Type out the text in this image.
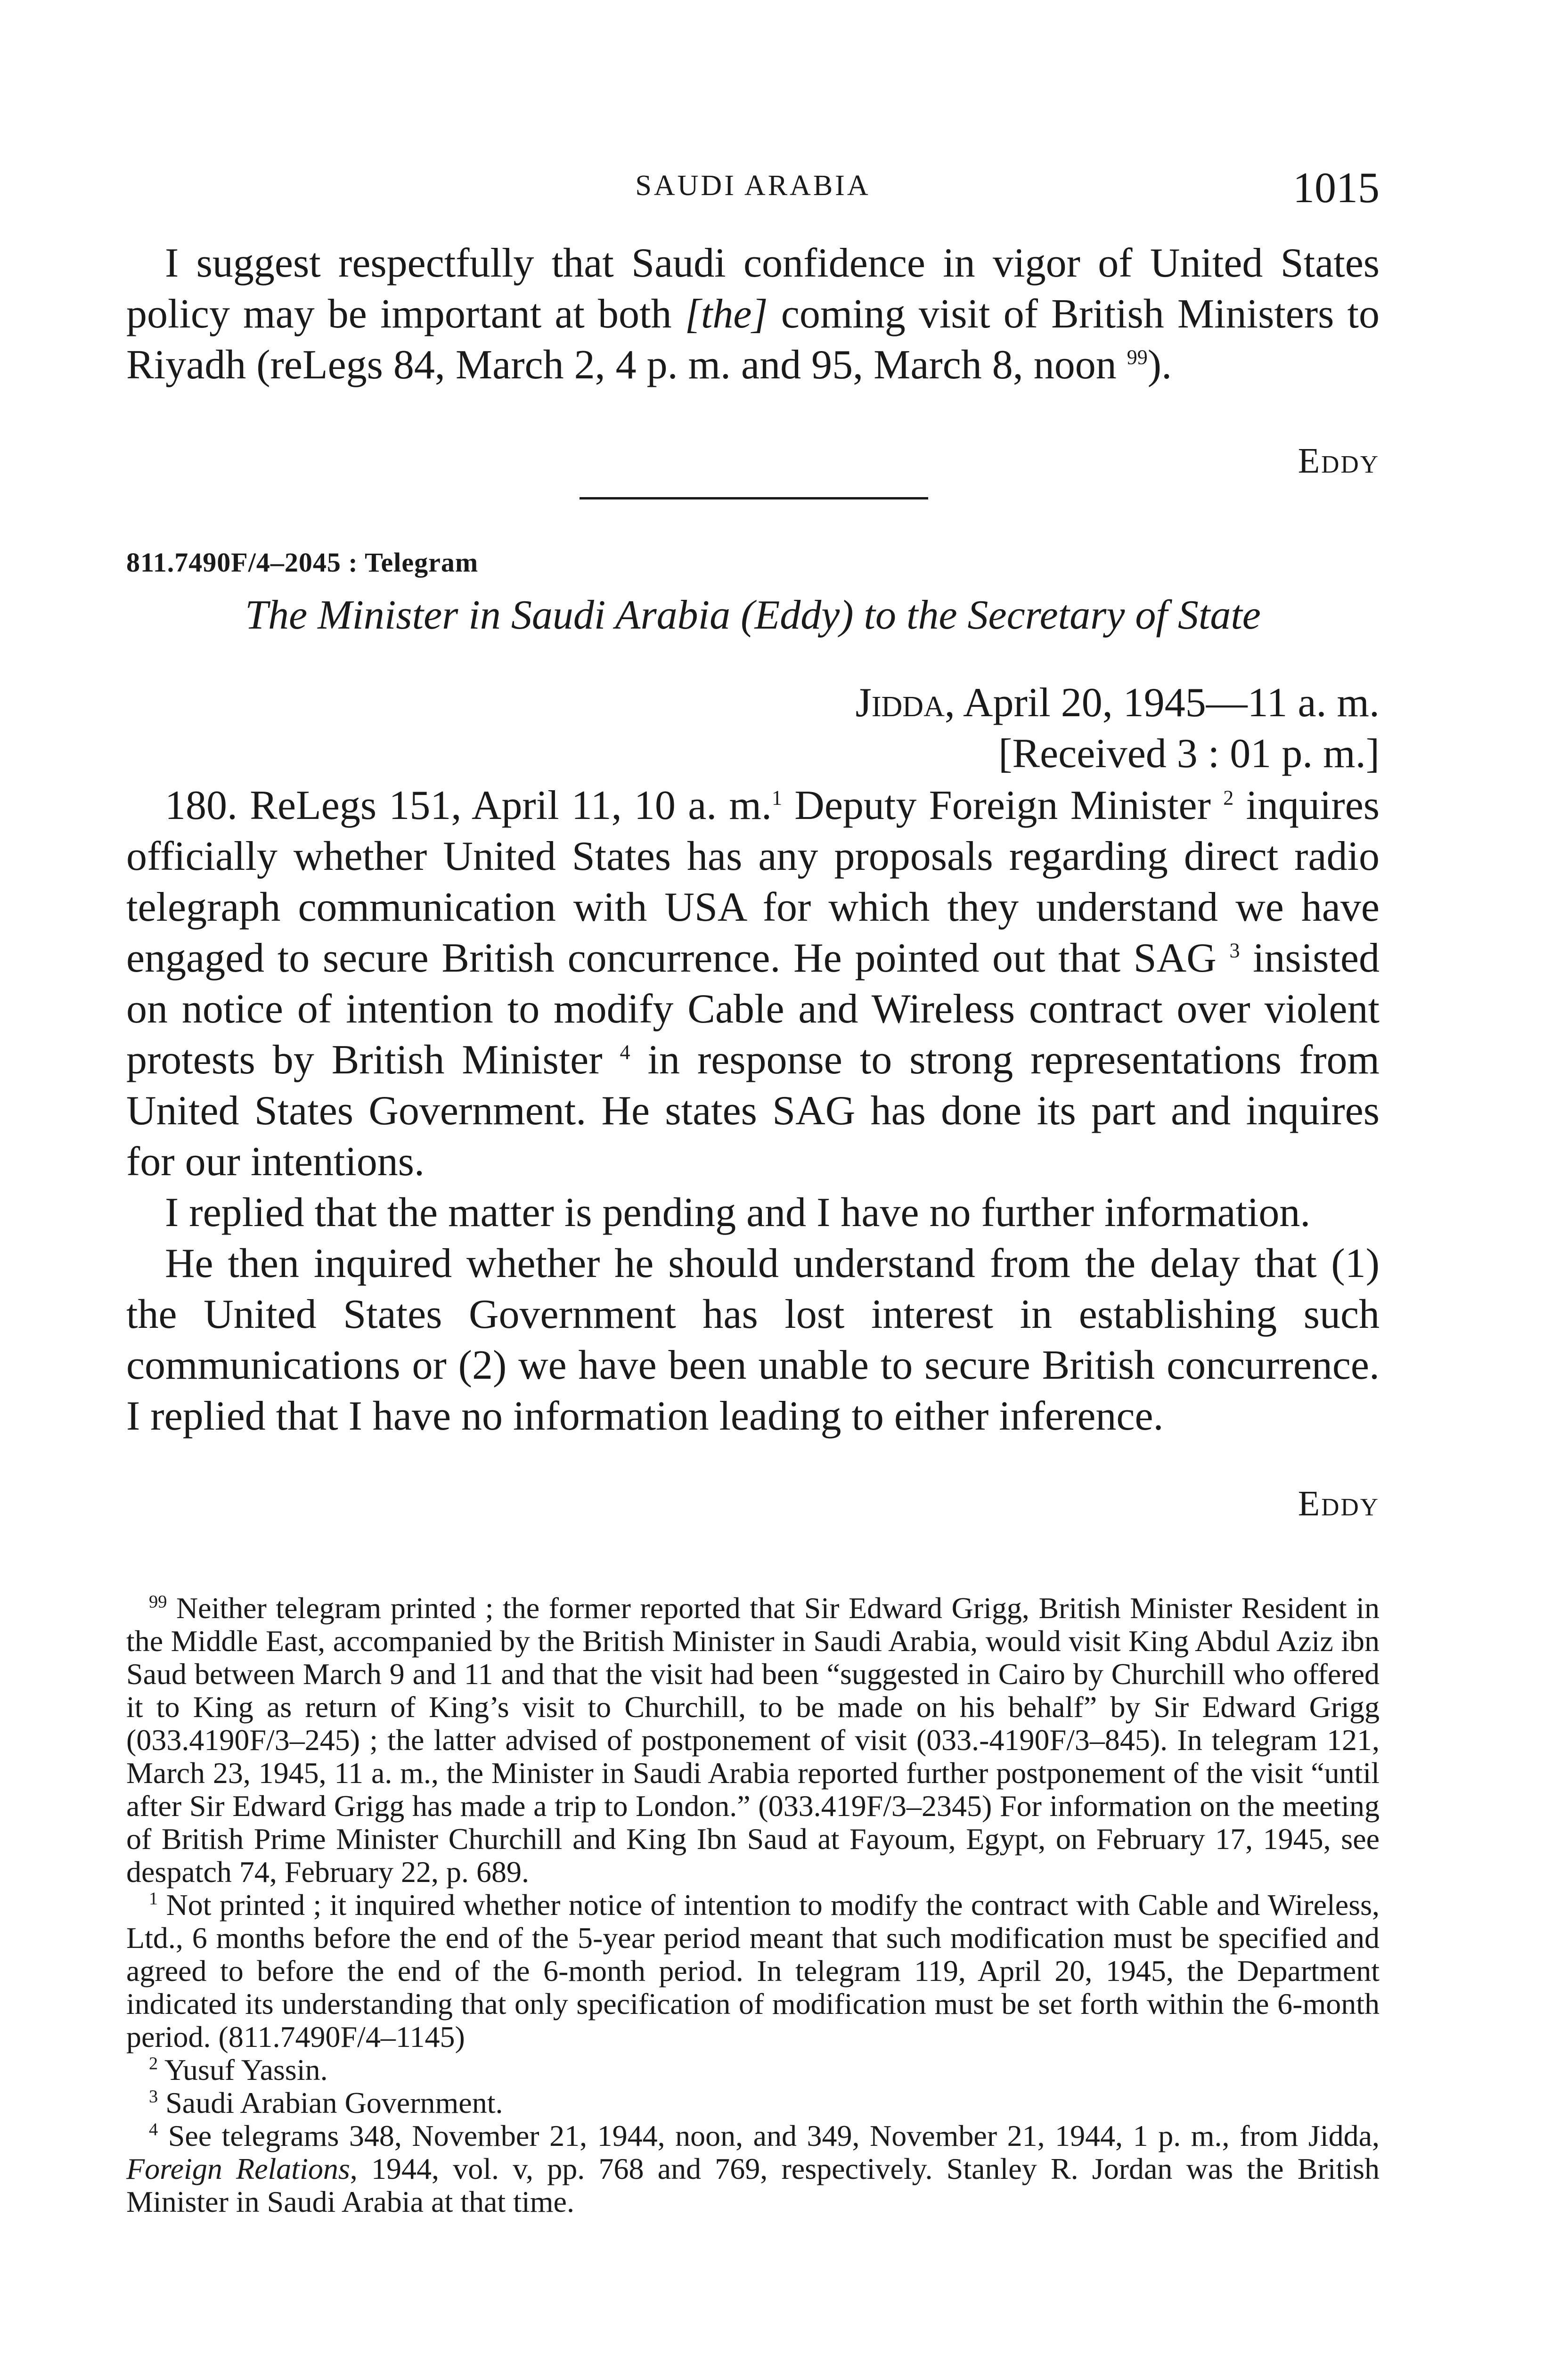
SAUDI ARABIA	1015

I suggest respectfully that Saudi confidence in vigor of United States policy may be important at both [the] coming visit of British Ministers to Riyadh (reLegs 84, March 2, 4 p. m. and 95, March 8, noon $^{99}$).

Eddy
811.7490F/4–2045 : Telegram
The Minister in Saudi Arabia (Eddy) to the Secretary of State
Jidda, April 20, 1945—11 a. m.
[Received 3 : 01 p. m.]

180. ReLegs 151, April 11, 10 a. m.$^1$ Deputy Foreign Minister $^2$ inquires officially whether United States has any proposals regarding direct radio telegraph communication with USA for which they understand we have engaged to secure British concurrence. He pointed out that SAG $^3$ insisted on notice of intention to modify Cable and Wireless contract over violent protests by British Minister $^4$ in response to strong representations from United States Government. He states SAG has done its part and inquires for our intentions.

I replied that the matter is pending and I have no further information.

He then inquired whether he should understand from the delay that (1) the United States Government has lost interest in establishing such communications or (2) we have been unable to secure British concurrence. I replied that I have no information leading to either inference.

Eddy

$^{99}$ Neither telegram printed ; the former reported that Sir Edward Grigg, British Minister Resident in the Middle East, accompanied by the British Minister in Saudi Arabia, would visit King Abdul Aziz ibn Saud between March 9 and 11 and that the visit had been “suggested in Cairo by Churchill who offered it to King as return of King’s visit to Churchill, to be made on his behalf” by Sir Edward Grigg (033.4190F/3–245) ; the latter advised of postponement of visit (033.-4190F/3–845). In telegram 121, March 23, 1945, 11 a. m., the Minister in Saudi Arabia reported further postponement of the visit “until after Sir Edward Grigg has made a trip to London.” (033.419F/3–2345) For information on the meeting of British Prime Minister Churchill and King Ibn Saud at Fayoum, Egypt, on February 17, 1945, see despatch 74, February 22, p. 689.

$^1$ Not printed ; it inquired whether notice of intention to modify the contract with Cable and Wireless, Ltd., 6 months before the end of the 5-year period meant that such modification must be specified and agreed to before the end of the 6-month period. In telegram 119, April 20, 1945, the Department indicated its understanding that only specification of modification must be set forth within the 6-month period. (811.7490F/4–1145)

$^2$ Yusuf Yassin.

$^3$ Saudi Arabian Government.

$^4$ See telegrams 348, November 21, 1944, noon, and 349, November 21, 1944, 1 p. m., from Jidda, Foreign Relations, 1944, vol. v, pp. 768 and 769, respectively. Stanley R. Jordan was the British Minister in Saudi Arabia at that time.
